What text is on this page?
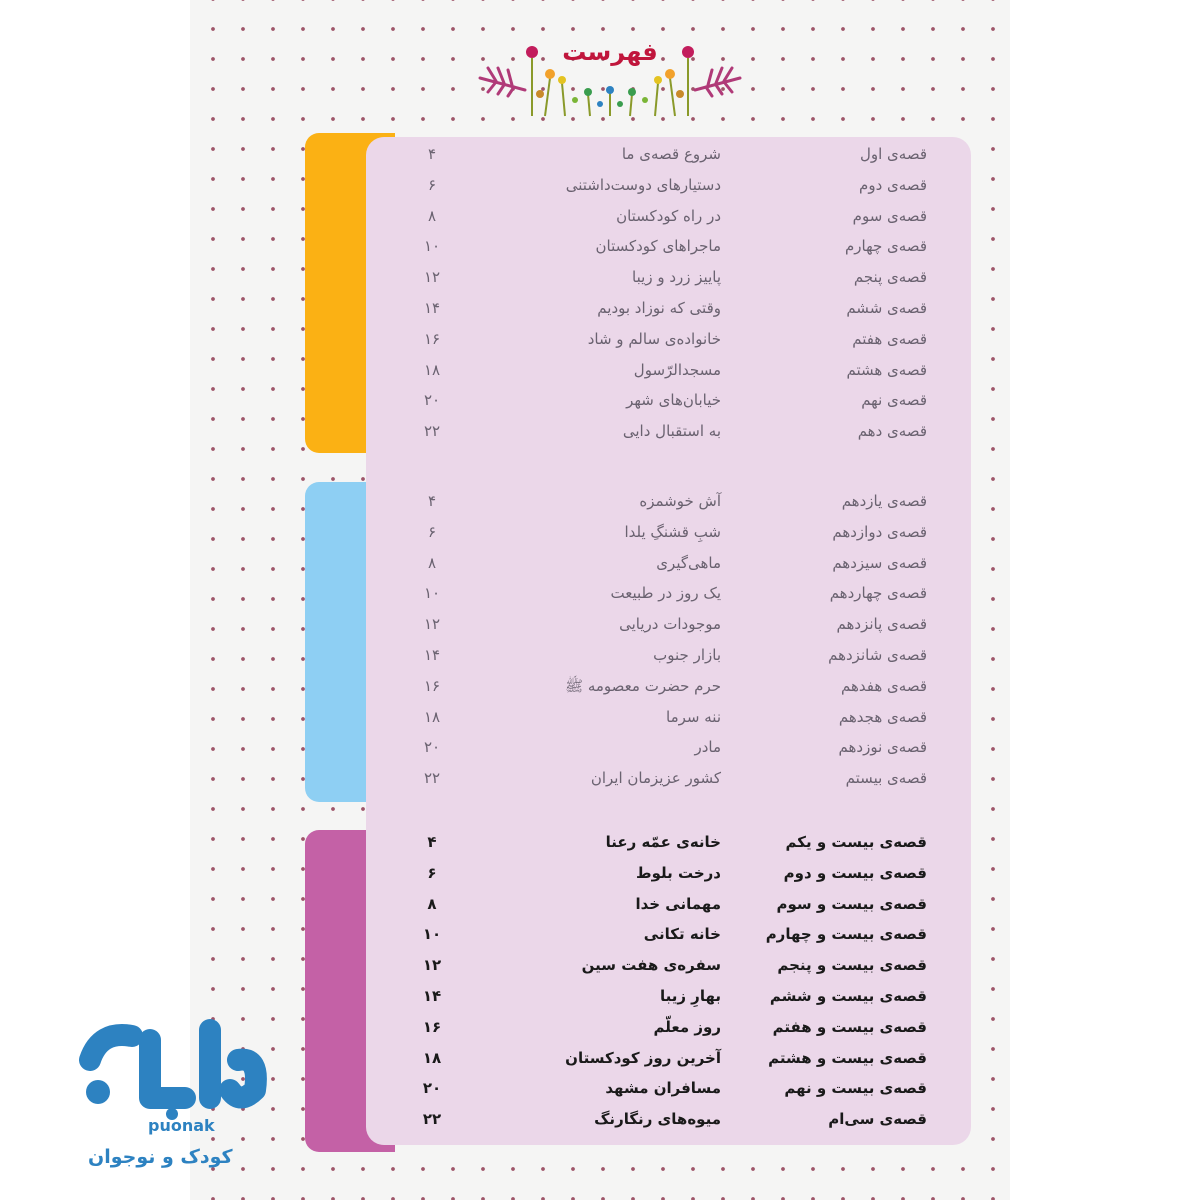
فهرست
قصه‌ی اول
شروع قصه‌ی ما
۴
قصه‌ی دوم
دستیارهای دوست‌داشتنی
۶
قصه‌ی سوم
در راه کودکستان
۸
قصه‌ی چهارم
ماجراهای کودکستان
۱۰
قصه‌ی پنجم
پاییز زرد و زیبا
۱۲
قصه‌ی ششم
وقتی که نوزاد بودیم
۱۴
قصه‌ی هفتم
خانواده‌ی سالم و شاد
۱۶
قصه‌ی هشتم
مسجدالرّسول
۱۸
قصه‌ی نهم
خیابان‌های شهر
۲۰
قصه‌ی دهم
به استقبال دایی
۲۲
قصه‌ی یازدهم
آش خوشمزه
۴
قصه‌ی دوازدهم
شبِ قشنگِ یلدا
۶
قصه‌ی سیزدهم
ماهی‌گیری
۸
قصه‌ی چهاردهم
یک روز در طبیعت
۱۰
قصه‌ی پانزدهم
موجودات دریایی
۱۲
قصه‌ی شانزدهم
بازار جنوب
۱۴
قصه‌ی هفدهم
حرم حضرت معصومه ﷺ
۱۶
قصه‌ی هجدهم
ننه سرما
۱۸
قصه‌ی نوزدهم
مادر
۲۰
قصه‌ی بیستم
کشور عزیزمان ایران
۲۲
قصه‌ی بیست و یکم
خانه‌ی عمّه رعنا
۴
قصه‌ی بیست و دوم
درخت بلوط
۶
قصه‌ی بیست و سوم
مهمانی خدا
۸
قصه‌ی بیست و چهارم
خانه تکانی
۱۰
قصه‌ی بیست و پنجم
سفره‌ی هفت سین
۱۲
قصه‌ی بیست و ششم
بهارِ زیبا
۱۴
قصه‌ی بیست و هفتم
روز معلّم
۱۶
قصه‌ی بیست و هشتم
آخرین روز کودکستان
۱۸
قصه‌ی بیست و نهم
مسافران مشهد
۲۰
قصه‌ی سی‌ام
میوه‌های رنگارنگ
۲۲
puonak
کودک و نوجوان
